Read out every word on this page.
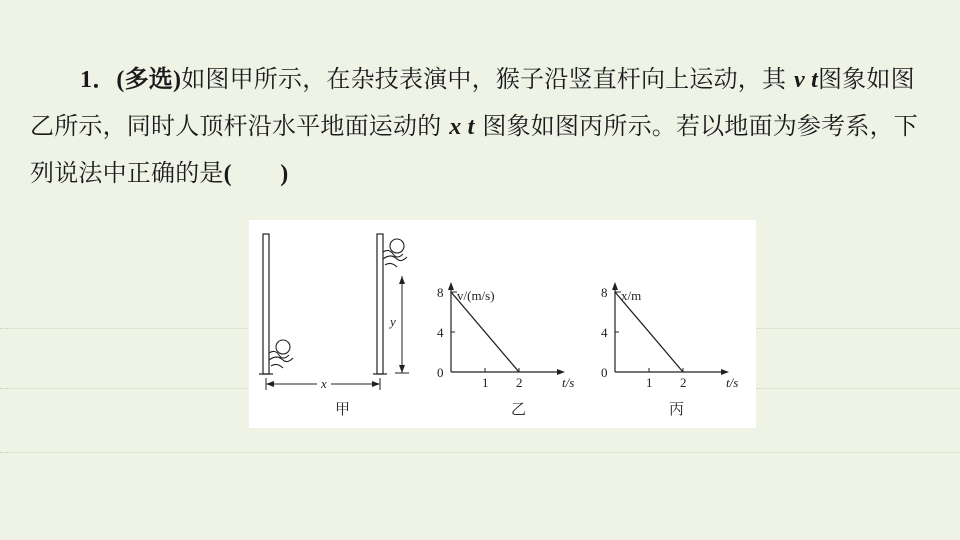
1．(多选)如图甲所示，在杂技表演中，猴子沿竖直杆向上运动，其 v t图象如图乙所示，同时人顶杆沿水平地面运动的 x t 图象如图丙所示。若以地面为参考系，下列说法中正确的是(　　)

y
x
甲
v/(m/s)
t/s
0
8
4
1 2
乙
x/m
t/s
0
8
4
1 2
丙
